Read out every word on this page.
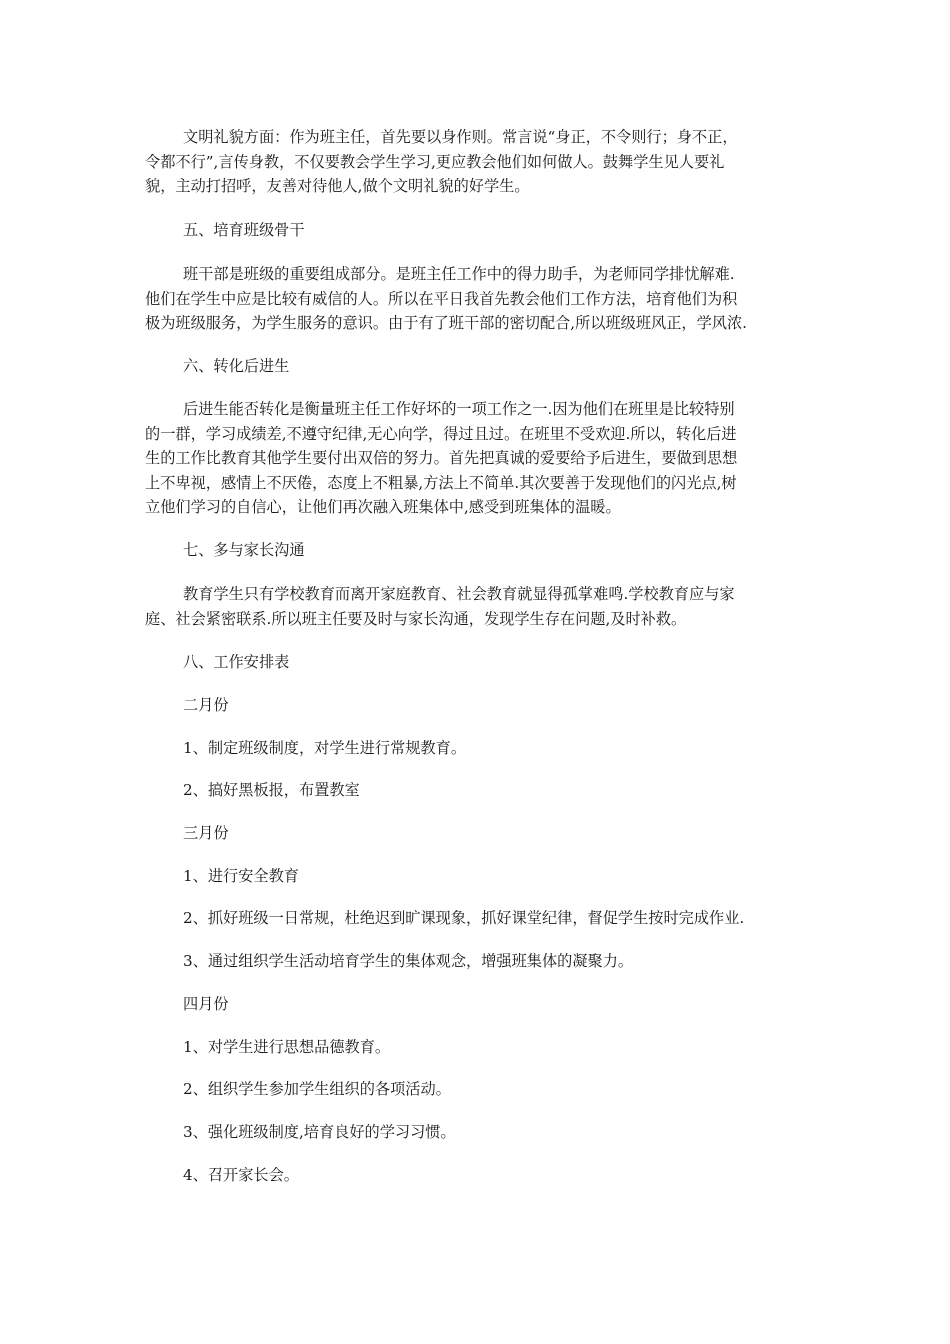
文明礼貌方面：作为班主任，首先要以身作则。常言说“身正，不令则行；身不正，
令都不行”,言传身教，不仅要教会学生学习,更应教会他们如何做人。鼓舞学生见人要礼
貌，主动打招呼，友善对待他人,做个文明礼貌的好学生。
五、培育班级骨干
班干部是班级的重要组成部分。是班主任工作中的得力助手，为老师同学排忧解难.
他们在学生中应是比较有威信的人。所以在平日我首先教会他们工作方法，培育他们为积
极为班级服务，为学生服务的意识。由于有了班干部的密切配合,所以班级班风正，学风浓.
六、转化后进生
后进生能否转化是衡量班主任工作好坏的一项工作之一.因为他们在班里是比较特别
的一群，学习成绩差,不遵守纪律,无心向学，得过且过。在班里不受欢迎.所以，转化后进
生的工作比教育其他学生要付出双倍的努力。首先把真诚的爱要给予后进生，要做到思想
上不卑视，感情上不厌倦，态度上不粗暴,方法上不简单.其次要善于发现他们的闪光点,树
立他们学习的自信心，让他们再次融入班集体中,感受到班集体的温暖。
七、多与家长沟通
教育学生只有学校教育而离开家庭教育、社会教育就显得孤掌难鸣.学校教育应与家
庭、社会紧密联系.所以班主任要及时与家长沟通，发现学生存在问题,及时补救。
八、工作安排表
二月份
1、制定班级制度，对学生进行常规教育。
2、搞好黑板报，布置教室
三月份
1、进行安全教育
2、抓好班级一日常规，杜绝迟到旷课现象，抓好课堂纪律，督促学生按时完成作业.
3、通过组织学生活动培育学生的集体观念，增强班集体的凝聚力。
四月份
1、对学生进行思想品德教育。
2、组织学生参加学生组织的各项活动。
3、强化班级制度,培育良好的学习习惯。
4、召开家长会。
